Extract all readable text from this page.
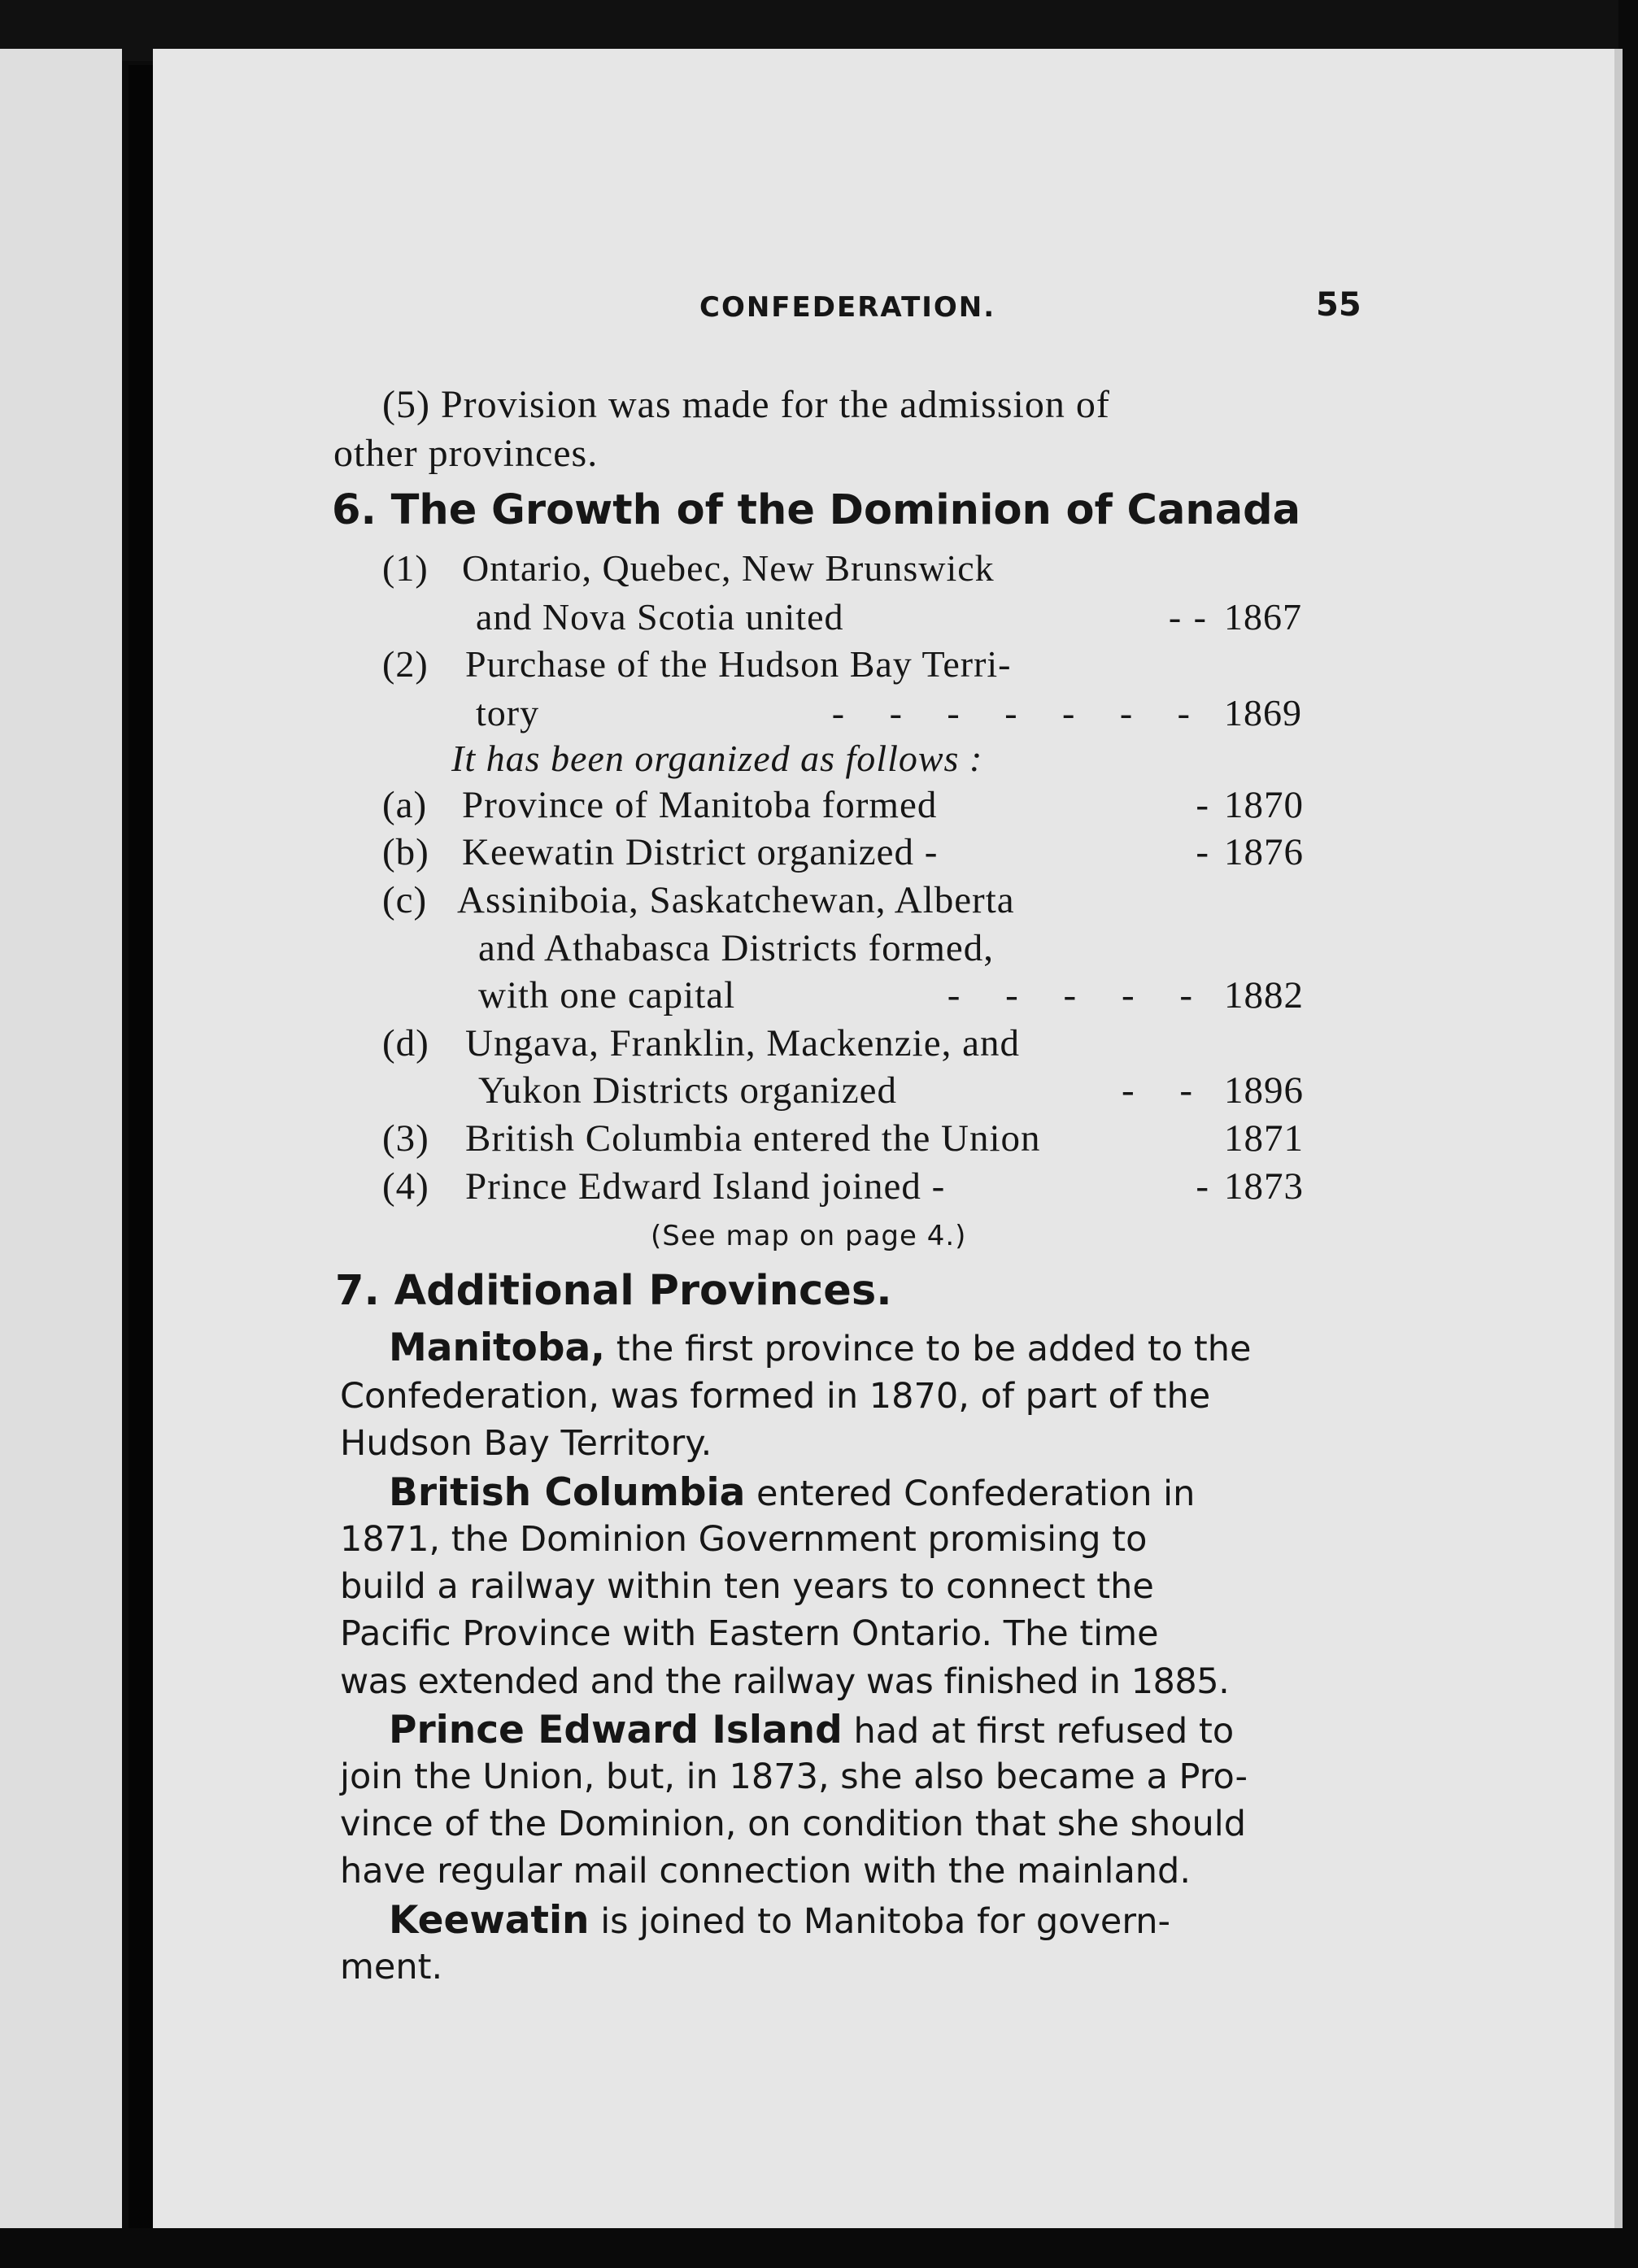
CONFEDERATION.	55
(5) Provision was made for the admission of
other provinces.
6. The Growth of the Dominion of Canada
(1) Ontario, Quebec, New Brunswick
and Nova Scotia united	- - 1867
(2) Purchase of the Hudson Bay Terri-
tory	- - - - - - - 1869
It has been organized as follows :
(a) Province of Manitoba formed	- 1870
(b) Keewatin District organized -	- 1876
(c) Assiniboia, Saskatchewan, Alberta
and Athabasca Districts formed,
with one capital	- - - - - 1882
(d) Ungava, Franklin, Mackenzie, and
Yukon Districts organized	- - 1896
(3) British Columbia entered the Union	1871
(4) Prince Edward Island joined -	- 1873
(See map on page 4.)
7. Additional Provinces.
Manitoba, the first province to be added to the
Confederation, was formed in 1870, of part of the
Hudson Bay Territory.
British Columbia entered Confederation in
1871, the Dominion Government promising to
build a railway within ten years to connect the
Pacific Province with Eastern Ontario. The time
was extended and the railway was finished in 1885.
Prince Edward Island had at first refused to
join the Union, but, in 1873, she also became a Pro-
vince of the Dominion, on condition that she should
have regular mail connection with the mainland.
Keewatin is joined to Manitoba for govern-
ment.
